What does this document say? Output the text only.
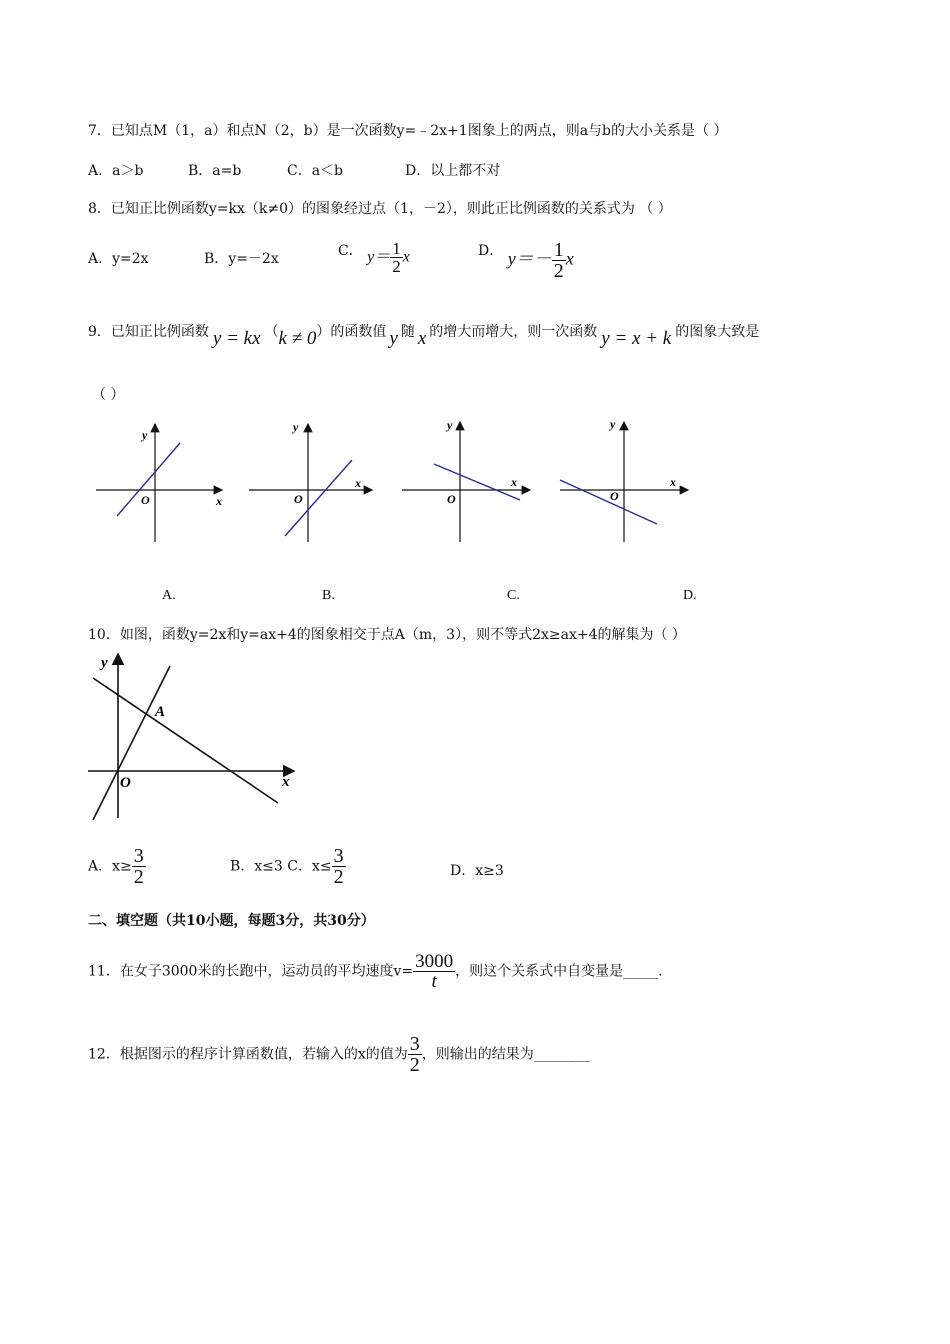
7．已知点M（1，a）和点N（2，b）是一次函数y=﹣2x+1图象上的两点，则a与b的大小关系是（ ）
A．a＞b	B．a=b	C．a＜b	D．以上都不对
8．已知正比例函数y=kx（k≠0）的图象经过点（1，－2），则此正比例函数的关系式为 （ ）
A．y=2x	B．y=－2x	C． $y= \frac{1}{2}$ x	D． $y=- \frac{1}{2}$ x
9．已知正比例函数 y = kx （k ≠ 0）的函数值 y 随 x 的增大而增大，则一次函数 y = x + k 的图象大致是
（ ）
y
x
O
y
x
O
y
x
O
y
x
O
A.	B.	C.	D.
10．如图，函数y=2x和y=ax+4的图象相交于点A（m，3），则不等式2x≥ax+4的解集为（ ）
y
x
O
A
A．$x\ge \frac{3}{2}$	B．x≤3 C．$x\le \frac{3}{2}$	D．x≥3
二、填空题（共10小题，每题3分，共30分）
11．在女子3000米的长跑中，运动员的平均速度$v= \frac{3000}{t}$ ，则这个关系式中自变量是_____.
12．根据图示的程序计算函数值，若输入的x的值为 $\frac{3}{2}$ ，则输出的结果为________
